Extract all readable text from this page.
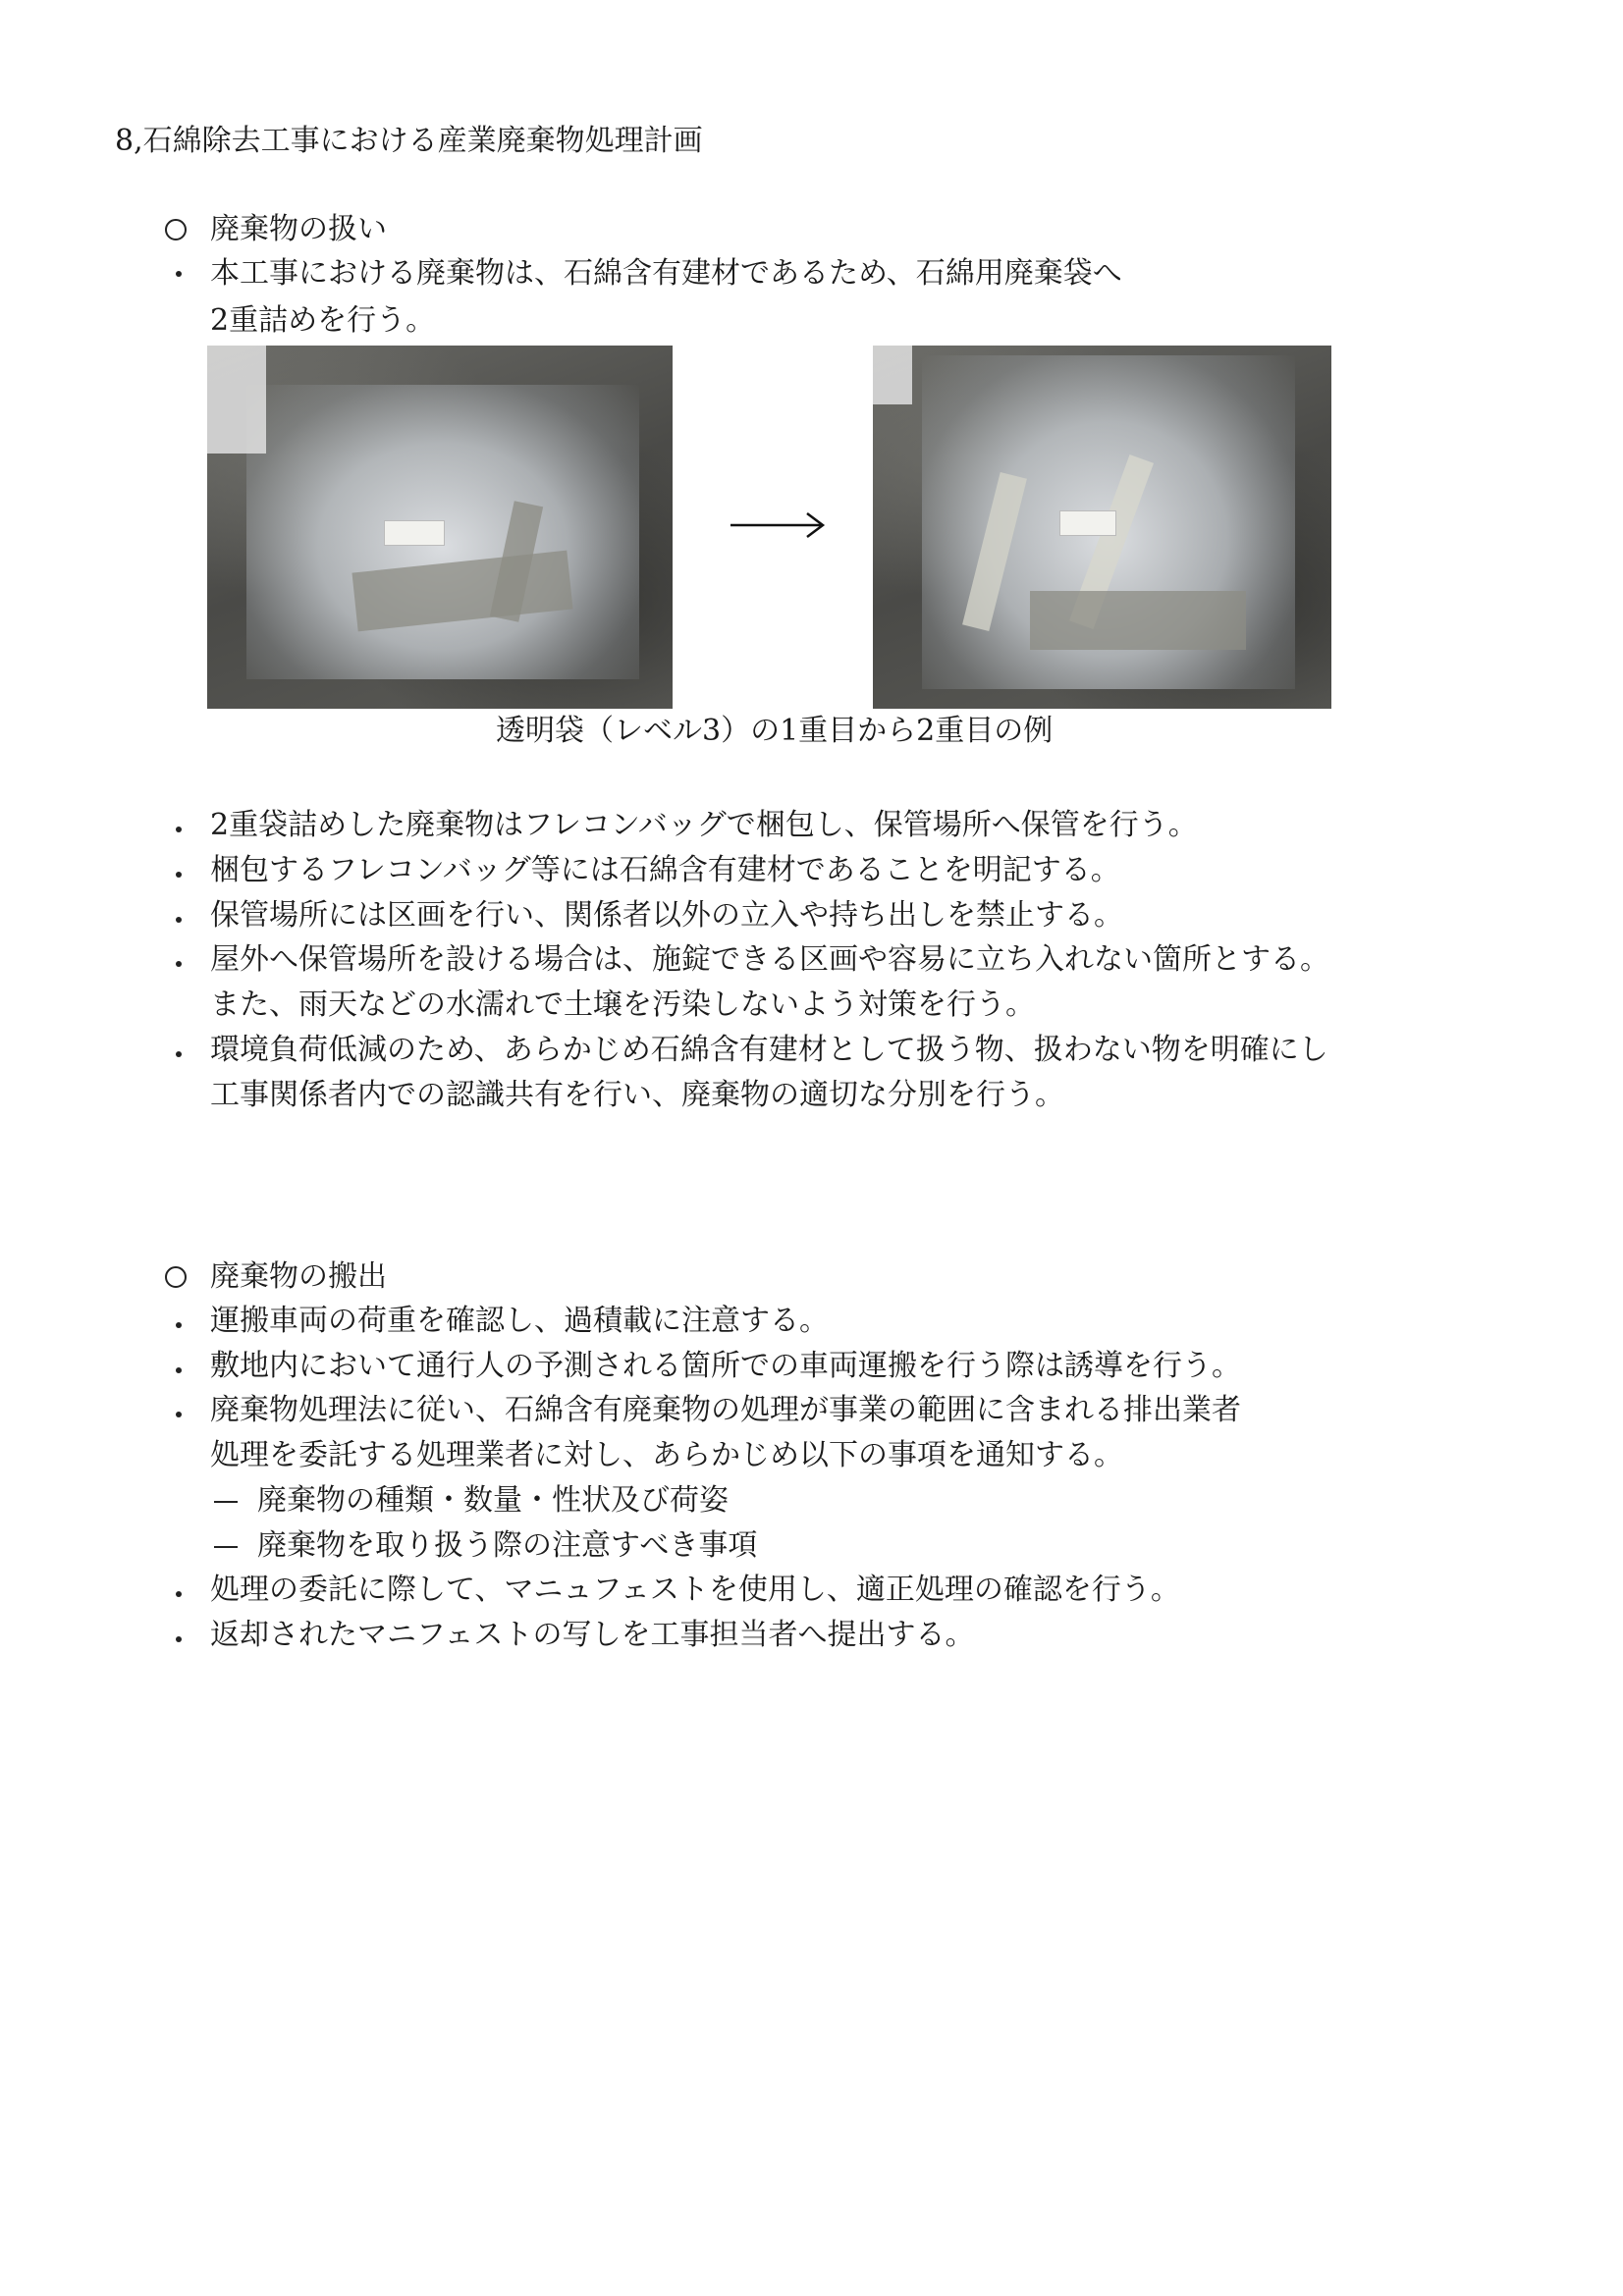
8,石綿除去工事における産業廃棄物処理計画
廃棄物の扱い
本工事における廃棄物は、石綿含有建材であるため、石綿用廃棄袋へ
2重詰めを行う。
透明袋（レベル3）の1重目から2重目の例
2重袋詰めした廃棄物はフレコンバッグで梱包し、保管場所へ保管を行う。
梱包するフレコンバッグ等には石綿含有建材であることを明記する。
保管場所には区画を行い、関係者以外の立入や持ち出しを禁止する。
屋外へ保管場所を設ける場合は、施錠できる区画や容易に立ち入れない箇所とする。
また、雨天などの水濡れで土壌を汚染しないよう対策を行う。
環境負荷低減のため、あらかじめ石綿含有建材として扱う物、扱わない物を明確にし
工事関係者内での認識共有を行い、廃棄物の適切な分別を行う。
廃棄物の搬出
運搬車両の荷重を確認し、過積載に注意する。
敷地内において通行人の予測される箇所での車両運搬を行う際は誘導を行う。
廃棄物処理法に従い、石綿含有廃棄物の処理が事業の範囲に含まれる排出業者
処理を委託する処理業者に対し、あらかじめ以下の事項を通知する。
廃棄物の種類・数量・性状及び荷姿
廃棄物を取り扱う際の注意すべき事項
処理の委託に際して、マニュフェストを使用し、適正処理の確認を行う。
返却されたマニフェストの写しを工事担当者へ提出する。
